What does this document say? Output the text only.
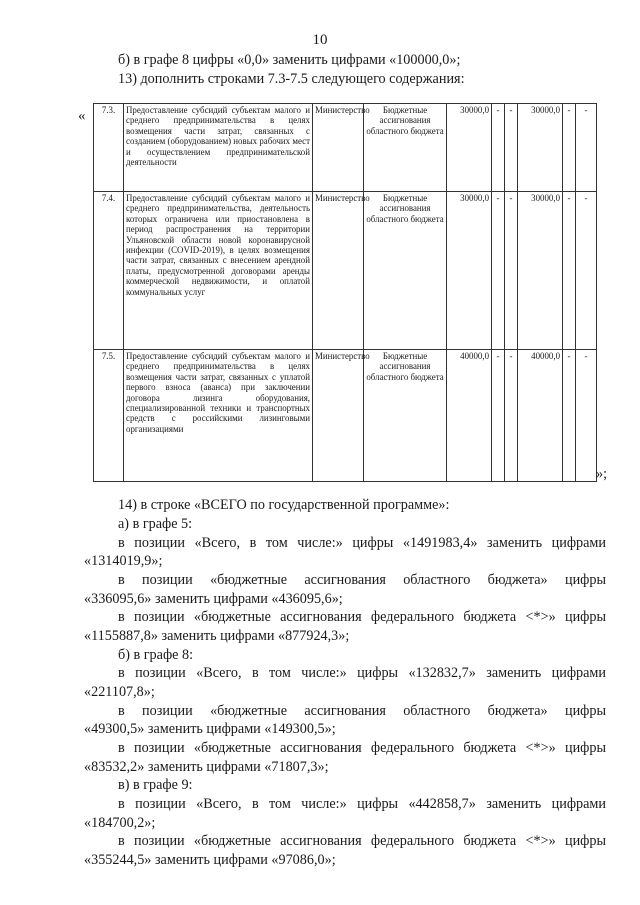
10
б) в графе 8 цифры «0,0» заменить цифрами «100000,0»;
13) дополнить строками 7.3-7.5 следующего содержания:
« 7.3.	Предоставление субсидий субъектам малого и среднего предпринимательства в целях возмещения части затрат, связанных с созданием (оборудованием) новых рабочих мест и осуществлением предпринимательской деятельности	Министерство	Бюджетные ассигнования областного бюджета	30000,0	-	-	30000,0	-	-
7.4.	Предоставление субсидий субъектам малого и среднего предпринимательства, деятельность которых ограничена или приостановлена в период распространения на территории Ульяновской области новой коронавирусной инфекции (COVID-2019), в целях возмещения части затрат, связанных с внесением арендной платы, предусмотренной договорами аренды коммерческой недвижимости, и оплатой коммунальных услуг	Министерство	Бюджетные ассигнования областного бюджета	30000,0	-	-	30000,0	-	-
7.5.	Предоставление субсидий субъектам малого и среднего предпринимательства в целях возмещения части затрат, связанных с уплатой первого взноса (аванса) при заключении договора лизинга оборудования, специализированной техники и транспортных средств с российскими лизинговыми организациями	Министерство	Бюджетные ассигнования областного бюджета	40000,0	-	-	40000,0	-	-
»;
14) в строке «ВСЕГО по государственной программе»:
а) в графе 5:
в позиции «Всего, в том числе:» цифры «1491983,4» заменить цифрами
«1314019,9»;
в позиции «бюджетные ассигнования областного бюджета» цифры
«336095,6» заменить цифрами «436095,6»;
в позиции «бюджетные ассигнования федерального бюджета <*>» цифры
«1155887,8» заменить цифрами «877924,3»;
б) в графе 8:
в позиции «Всего, в том числе:» цифры «132832,7» заменить цифрами
«221107,8»;
в позиции «бюджетные ассигнования областного бюджета» цифры
«49300,5» заменить цифрами «149300,5»;
в позиции «бюджетные ассигнования федерального бюджета <*>» цифры
«83532,2» заменить цифрами «71807,3»;
в) в графе 9:
в позиции «Всего, в том числе:» цифры «442858,7» заменить цифрами
«184700,2»;
в позиции «бюджетные ассигнования федерального бюджета <*>» цифры
«355244,5» заменить цифрами «97086,0»;
